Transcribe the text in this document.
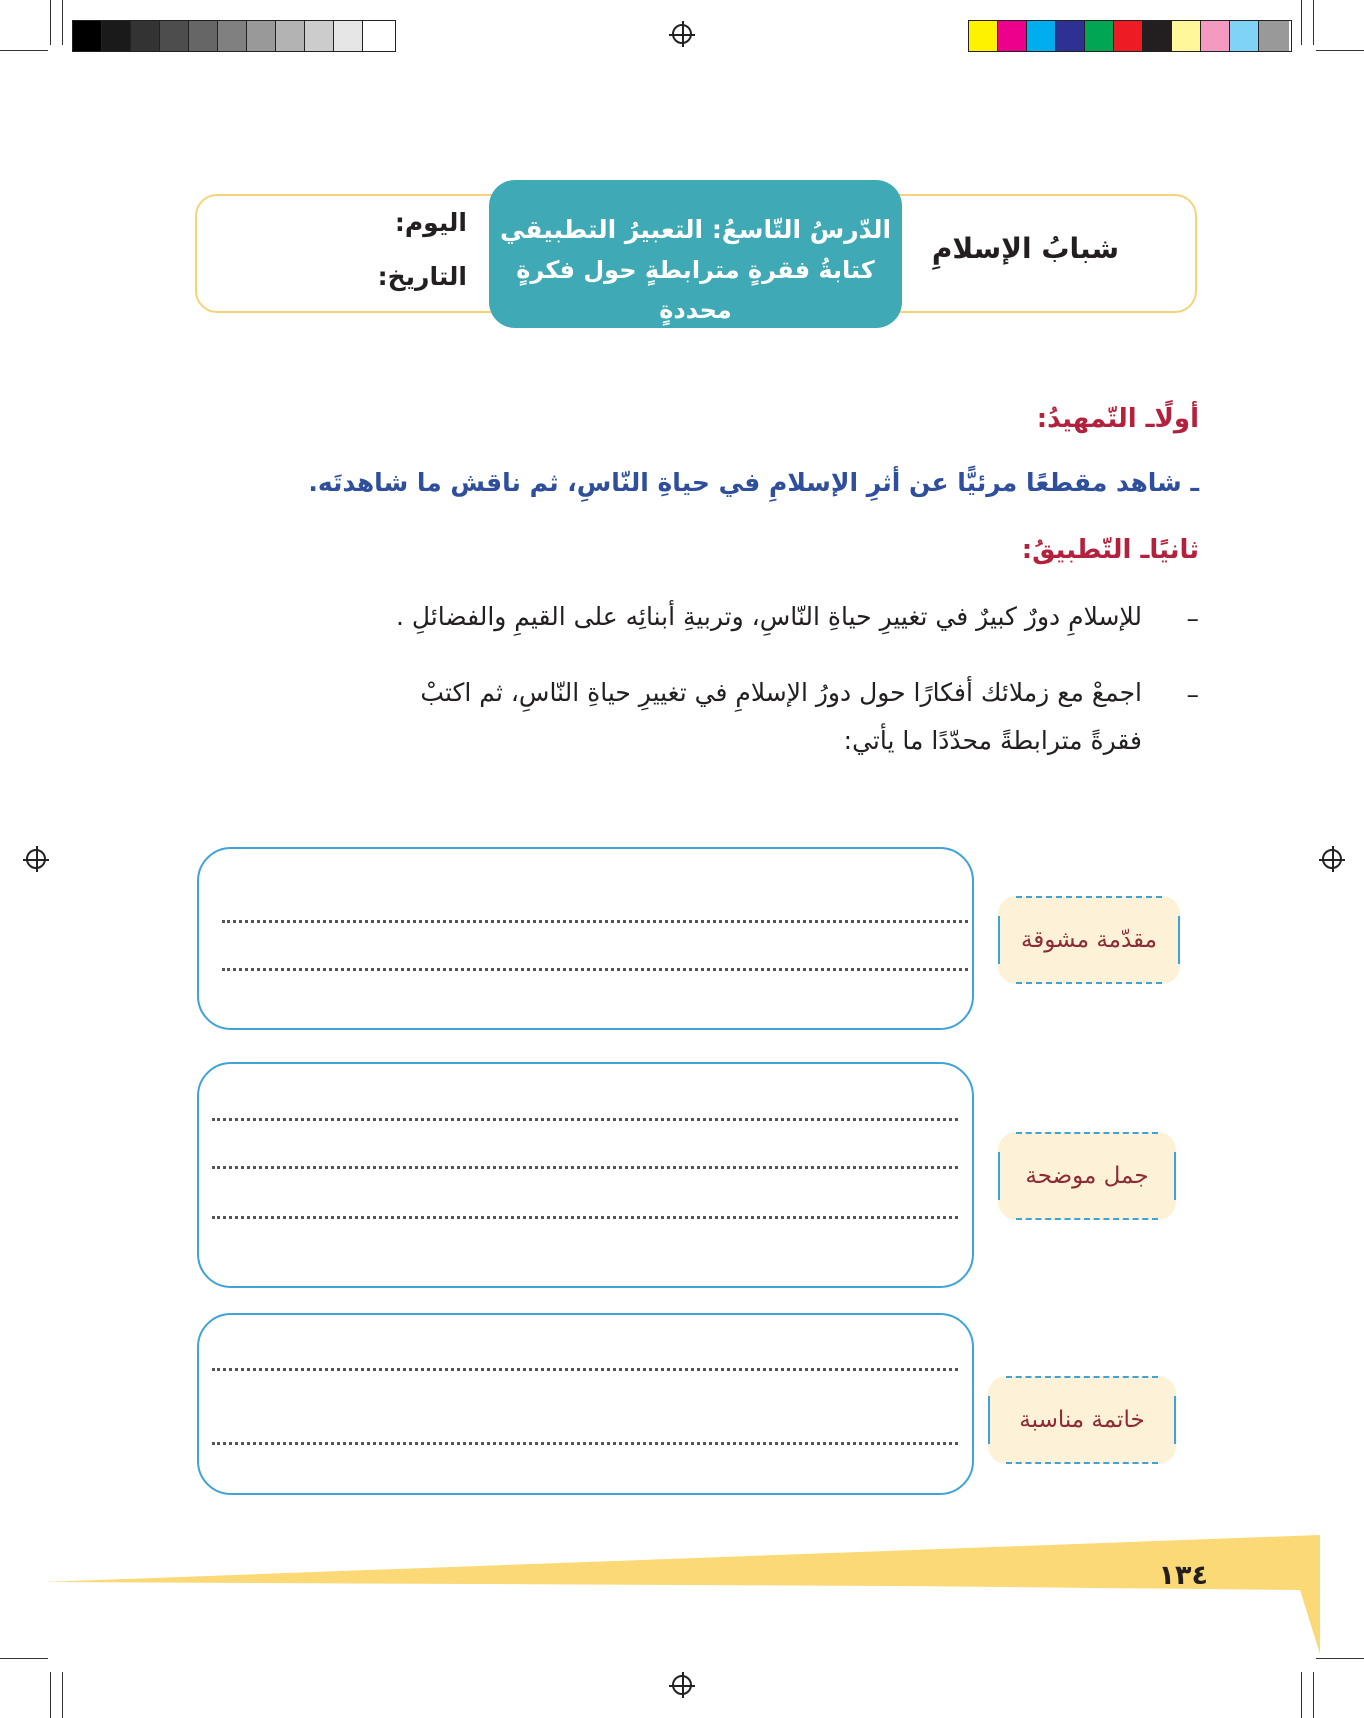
الدّرسُ التّاسعُ: التعبيرُ التطبيقي
كتابةُ فقرةٍ مترابطةٍ حول فكرةٍ محددةٍ
شبابُ الإسلامِ
اليوم:
التاريخ:
أولًاـ التّمهيدُ:
ـ شاهد مقطعًا مرئيًّا عن أثرِ الإسلامِ في حياةِ النّاسِ، ثم ناقش ما شاهدتَه.
ثانيًاـ التّطبيقُ:
–
للإسلامِ دورٌ كبيرٌ في تغييرِ حياةِ النّاسِ، وتربيةِ أبنائِه على القيمِ والفضائلِ .
–
اجمعْ مع زملائك أفكارًا حول دورُ الإسلامِ في تغييرِ حياةِ النّاسِ، ثم اكتبْ
فقرةً مترابطةً محدّدًا ما يأتي:
مقدّمة مشوقة
جمل موضحة
خاتمة مناسبة
١٣٤
